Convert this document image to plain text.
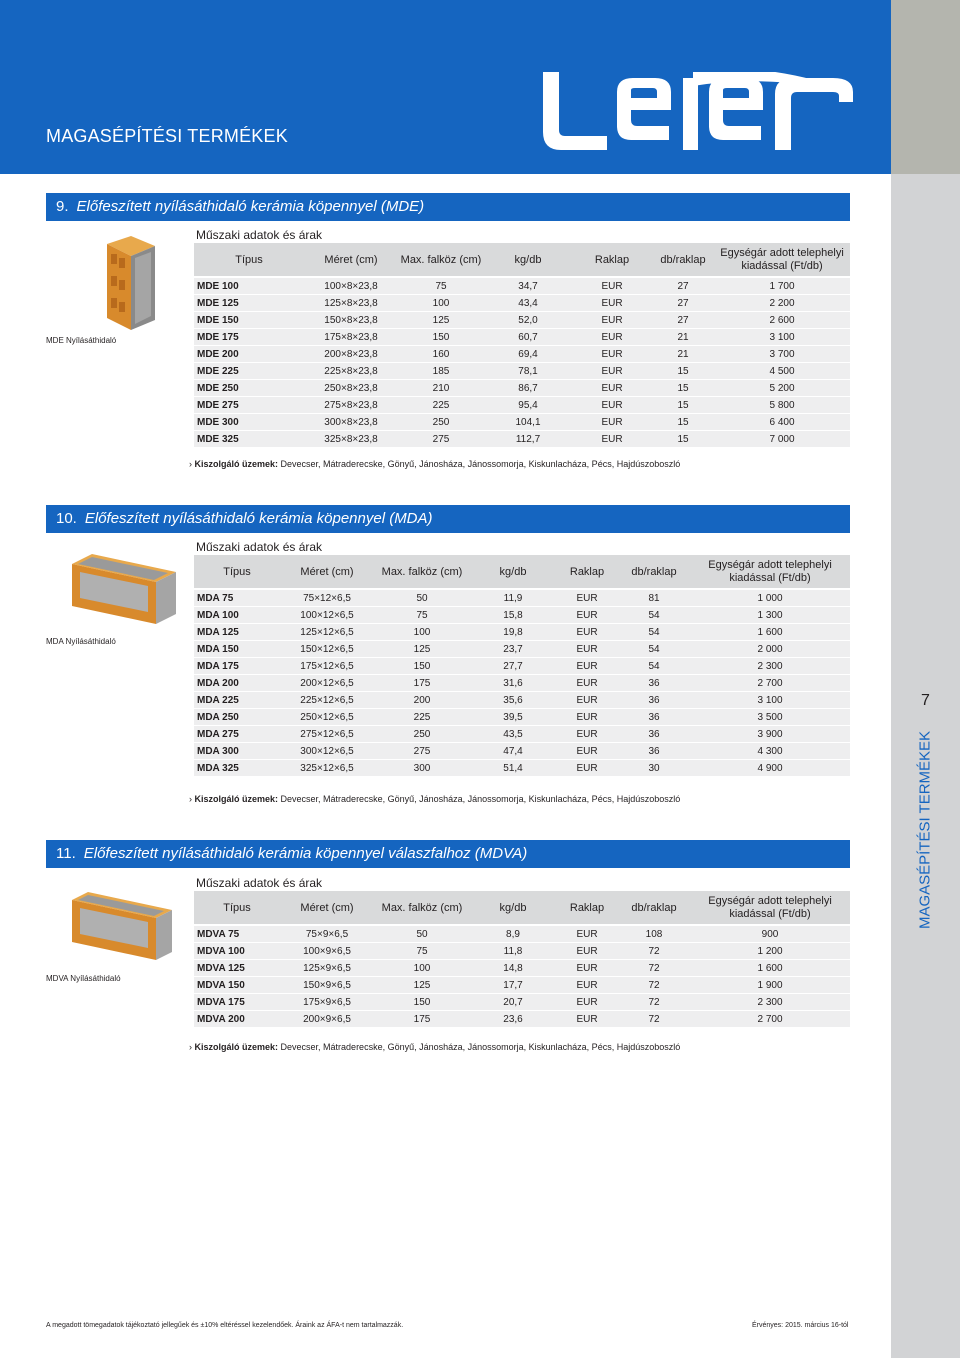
MAGASÉPÍTÉSI TERMÉKEK
7
MAGASÉPÍTÉSI TERMÉKEK
9. Előfeszített nyílásáthidaló kerámia köpennyel (MDE)
MDE Nyílásáthidaló
Műszaki adatok és árak
Típus	Méret (cm)	Max. falköz (cm)	kg/db	Raklap	db/raklap	Egységár adott telephelyi kiadással (Ft/db)
MDE 100	100×8×23,8	75	34,7	EUR	27	1 700
MDE 125	125×8×23,8	100	43,4	EUR	27	2 200
MDE 150	150×8×23,8	125	52,0	EUR	27	2 600
MDE 175	175×8×23,8	150	60,7	EUR	21	3 100
MDE 200	200×8×23,8	160	69,4	EUR	21	3 700
MDE 225	225×8×23,8	185	78,1	EUR	15	4 500
MDE 250	250×8×23,8	210	86,7	EUR	15	5 200
MDE 275	275×8×23,8	225	95,4	EUR	15	5 800
MDE 300	300×8×23,8	250	104,1	EUR	15	6 400
MDE 325	325×8×23,8	275	112,7	EUR	15	7 000
› Kiszolgáló üzemek: Devecser, Mátraderecske, Gönyű, Jánosháza, Jánossomorja, Kiskunlacháza, Pécs, Hajdúszoboszló
10. Előfeszített nyílásáthidaló kerámia köpennyel (MDA)
MDA Nyílásáthidaló
Műszaki adatok és árak
Típus	Méret (cm)	Max. falköz (cm)	kg/db	Raklap	db/raklap	Egységár adott telephelyi kiadással (Ft/db)
MDA 75	75×12×6,5	50	11,9	EUR	81	1 000
MDA 100	100×12×6,5	75	15,8	EUR	54	1 300
MDA 125	125×12×6,5	100	19,8	EUR	54	1 600
MDA 150	150×12×6,5	125	23,7	EUR	54	2 000
MDA 175	175×12×6,5	150	27,7	EUR	54	2 300
MDA 200	200×12×6,5	175	31,6	EUR	36	2 700
MDA 225	225×12×6,5	200	35,6	EUR	36	3 100
MDA 250	250×12×6,5	225	39,5	EUR	36	3 500
MDA 275	275×12×6,5	250	43,5	EUR	36	3 900
MDA 300	300×12×6,5	275	47,4	EUR	36	4 300
MDA 325	325×12×6,5	300	51,4	EUR	30	4 900
› Kiszolgáló üzemek: Devecser, Mátraderecske, Gönyű, Jánosháza, Jánossomorja, Kiskunlacháza, Pécs, Hajdúszoboszló
11. Előfeszített nyílásáthidaló kerámia köpennyel válaszfalhoz (MDVA)
MDVA Nyílásáthidaló
Műszaki adatok és árak
Típus	Méret (cm)	Max. falköz (cm)	kg/db	Raklap	db/raklap	Egységár adott telephelyi kiadással (Ft/db)
MDVA 75	75×9×6,5	50	8,9	EUR	108	900
MDVA 100	100×9×6,5	75	11,8	EUR	72	1 200
MDVA 125	125×9×6,5	100	14,8	EUR	72	1 600
MDVA 150	150×9×6,5	125	17,7	EUR	72	1 900
MDVA 175	175×9×6,5	150	20,7	EUR	72	2 300
MDVA 200	200×9×6,5	175	23,6	EUR	72	2 700
› Kiszolgáló üzemek: Devecser, Mátraderecske, Gönyű, Jánosháza, Jánossomorja, Kiskunlacháza, Pécs, Hajdúszoboszló
A megadott tömegadatok tájékoztató jellegűek és ±10% eltéréssel kezelendőek. Áraink az ÁFA-t nem tartalmazzák.	Érvényes: 2015. március 16-tól
